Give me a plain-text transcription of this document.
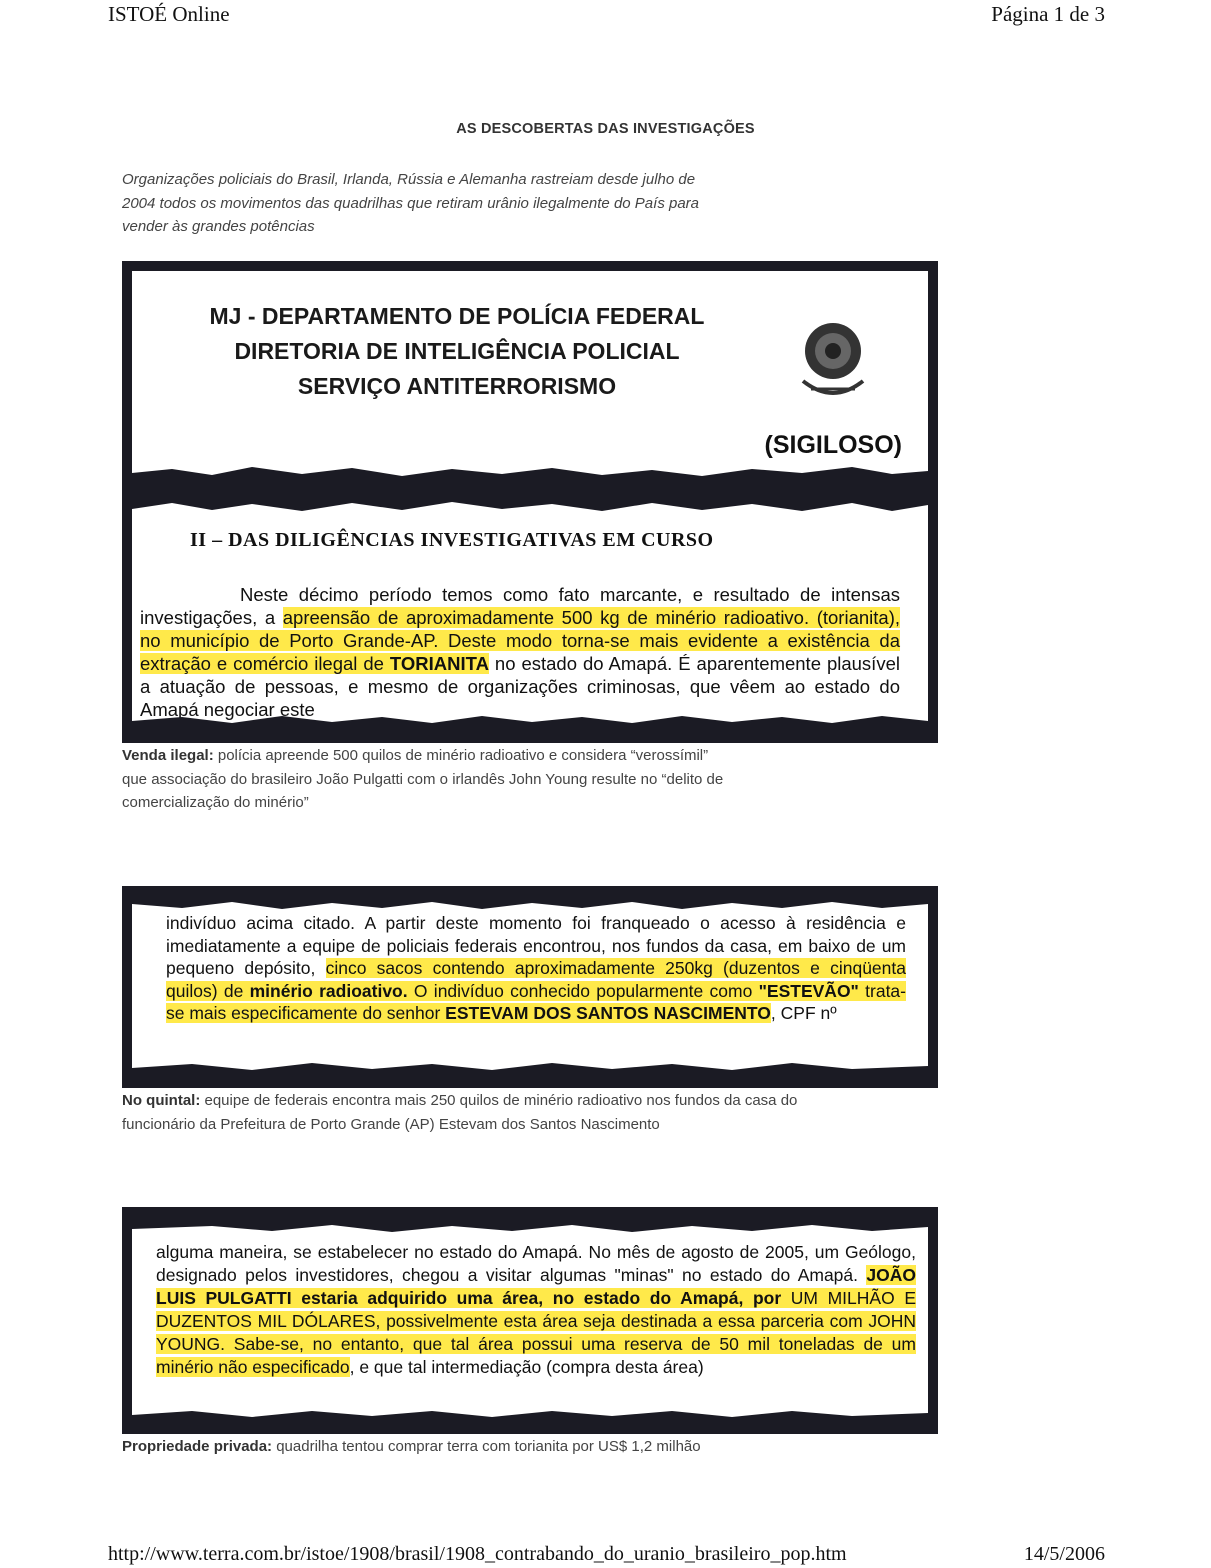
ISTOÉ Online	Página 1 de 3
AS DESCOBERTAS DAS INVESTIGAÇÕES
Organizações policiais do Brasil, Irlanda, Rússia e Alemanha rastreiam desde julho de 2004 todos os movimentos das quadrilhas que retiram urânio ilegalmente do País para vender às grandes potências
MJ - DEPARTAMENTO DE POLÍCIA FEDERAL
DIRETORIA DE INTELIGÊNCIA POLICIAL
SERVIÇO ANTITERRORISMO
(SIGILOSO)
II – DAS DILIGÊNCIAS INVESTIGATIVAS EM CURSO

Neste décimo período temos como fato marcante, e resultado de intensas investigações, a apreensão de aproximadamente 500 kg de minério radioativo. (torianita), no município de Porto Grande-AP. Deste modo torna-se mais evidente a existência da extração e comércio ilegal de TORIANITA no estado do Amapá. É aparentemente plausível a atuação de pessoas, e mesmo de organizações criminosas, que vêem ao estado do Amapá negociar este

Venda ilegal: polícia apreende 500 quilos de minério radioativo e considera “verossímil” que associação do brasileiro João Pulgatti com o irlandês John Young resulte no “delito de comercialização do minério”

indivíduo acima citado. A partir deste momento foi franqueado o acesso à residência e imediatamente a equipe de policiais federais encontrou, nos fundos da casa, em baixo de um pequeno depósito, cinco sacos contendo aproximadamente 250kg (duzentos e cinqüenta quilos) de minério radioativo. O indivíduo conhecido popularmente como "ESTEVÃO" trata-se mais especificamente do senhor ESTEVAM DOS SANTOS NASCIMENTO, CPF nº

No quintal: equipe de federais encontra mais 250 quilos de minério radioativo nos fundos da casa do funcionário da Prefeitura de Porto Grande (AP) Estevam dos Santos Nascimento

alguma maneira, se estabelecer no estado do Amapá. No mês de agosto de 2005, um Geólogo, designado pelos investidores, chegou a visitar algumas "minas" no estado do Amapá. JOÃO LUIS PULGATTI estaria adquirido uma área, no estado do Amapá, por UM MILHÃO E DUZENTOS MIL DÓLARES, possivelmente esta área seja destinada a essa parceria com JOHN YOUNG. Sabe-se, no entanto, que tal área possui uma reserva de 50 mil toneladas de um minério não especificado, e que tal intermediação (compra desta área)

Propriedade privada: quadrilha tentou comprar terra com torianita por US$ 1,2 milhão
http://www.terra.com.br/istoe/1908/brasil/1908_contrabando_do_uranio_brasileiro_pop.htm	14/5/2006
